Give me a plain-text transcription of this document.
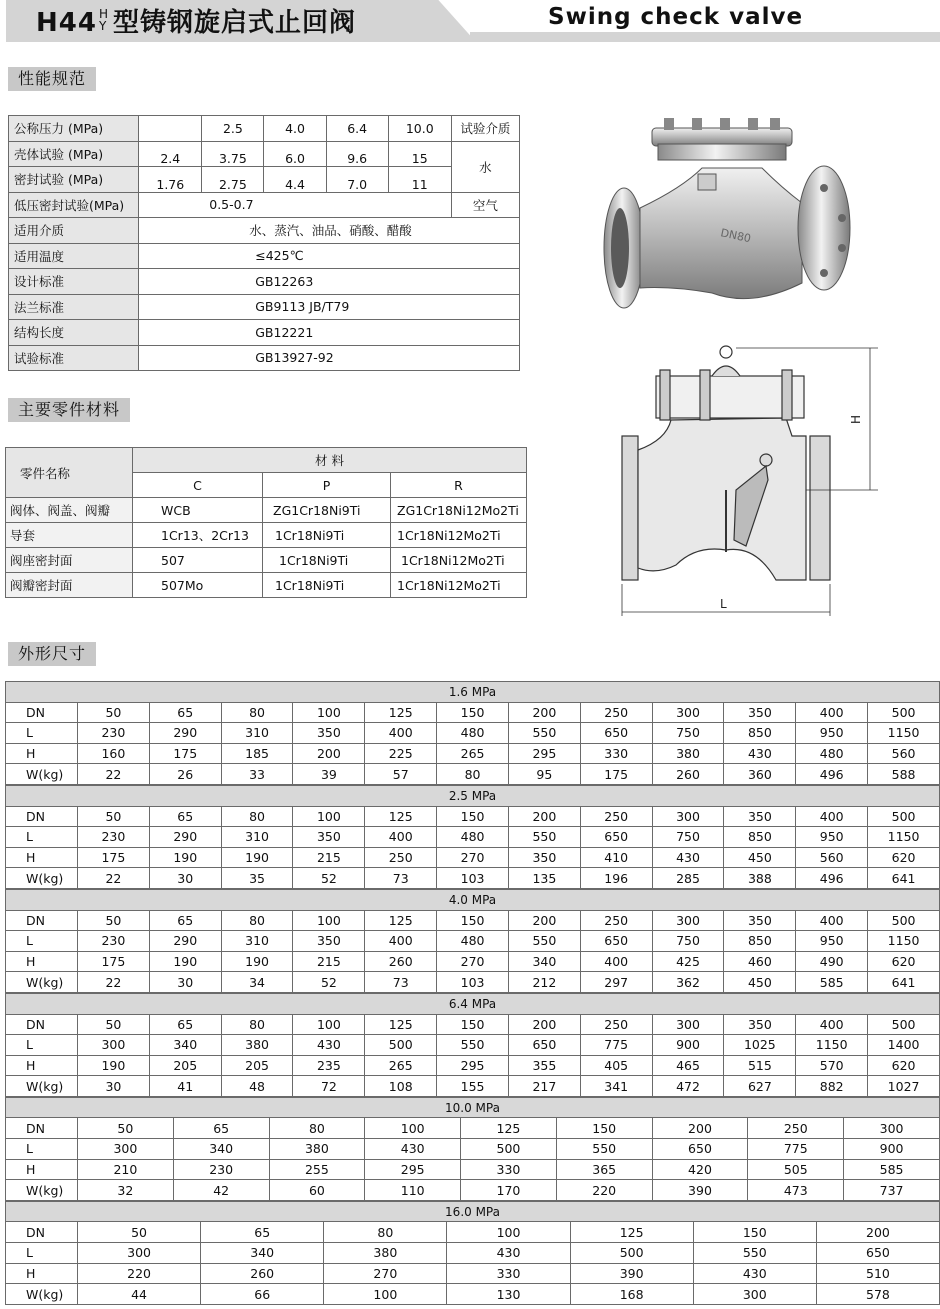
H44 H
Y 型铸钢旋启式止回阀	Swing check valve
性能规范
公称压力 (MPa)		2.5	4.0	6.4	10.0	试验介质
壳体试验 (MPa)	2.4	3.75	6.0	9.6	15	水
密封试验 (MPa)	1.76	2.75	4.4	7.0	11	
低压密封试验(MPa)	0.5-0.7					空气
适用介质	水、蒸汽、油品、硝酸、醋酸					
适用温度	≤425℃					
设计标准	GB12263					
法兰标准	GB9113 JB/T79					
结构长度	GB12221					
试验标准	GB13927-92					
主要零件材料
零件名称	材 料		
	C	P	R
阀体、阀盖、阀瓣	WCB	ZG1Cr18Ni9Ti	ZG1Cr18Ni12Mo2Ti
导套	1Cr13、2Cr13	1Cr18Ni9Ti	1Cr18Ni12Mo2Ti
阀座密封面	507	1Cr18Ni9Ti	1Cr18Ni12Mo2Ti
阀瓣密封面	507Mo	1Cr18Ni9Ti	1Cr18Ni12Mo2Ti
DN80
H
L
外形尺寸
1.6 MPa												
DN	50	65	80	100	125	150	200	250	300	350	400	500
L	230	290	310	350	400	480	550	650	750	850	950	1150
H	160	175	185	200	225	265	295	330	380	430	480	560
W(kg)	22	26	33	39	57	80	95	175	260	360	496	588
2.5 MPa												
DN	50	65	80	100	125	150	200	250	300	350	400	500
L	230	290	310	350	400	480	550	650	750	850	950	1150
H	175	190	190	215	250	270	350	410	430	450	560	620
W(kg)	22	30	35	52	73	103	135	196	285	388	496	641
4.0 MPa												
DN	50	65	80	100	125	150	200	250	300	350	400	500
L	230	290	310	350	400	480	550	650	750	850	950	1150
H	175	190	190	215	260	270	340	400	425	460	490	620
W(kg)	22	30	34	52	73	103	212	297	362	450	585	641
6.4 MPa												
DN	50	65	80	100	125	150	200	250	300	350	400	500
L	300	340	380	430	500	550	650	775	900	1025	1150	1400
H	190	205	205	235	265	295	355	405	465	515	570	620
W(kg)	30	41	48	72	108	155	217	341	472	627	882	1027
10.0 MPa									
DN	50	65	80	100	125	150	200	250	300
L	300	340	380	430	500	550	650	775	900
H	210	230	255	295	330	365	420	505	585
W(kg)	32	42	60	110	170	220	390	473	737
16.0 MPa							
DN	50	65	80	100	125	150	200
L	300	340	380	430	500	550	650
H	220	260	270	330	390	430	510
W(kg)	44	66	100	130	168	300	578
